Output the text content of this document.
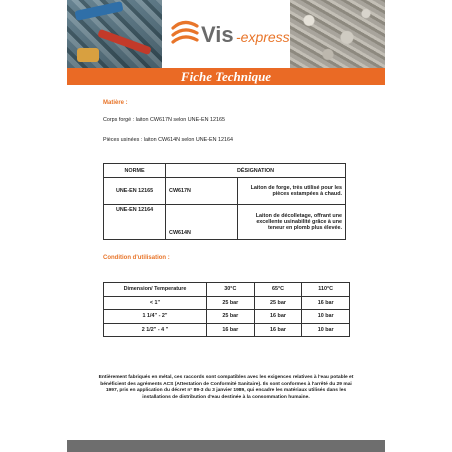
Vis -express
Fiche Technique
Matière :
Corps forgé : laiton CW617N selon UNE-EN 12165
Pièces usinées : laiton CW614N selon UNE-EN 12164
NORME	DÉSIGNATION	
UNE-EN 12165	CW617N	Laiton de forge, très utilisé pour les pièces estampées à chaud.
UNE-EN 12164	CW614N	Laiton de décolletage, offrant une excellente usinabilité grâce à une teneur en plomb plus élevée.
Condition d'utilisation :
Dimension/ Temperature	30°C	65°C	110°C
< 1"	25 bar	25 bar	16 bar
1 1/4" - 2"	25 bar	16 bar	10 bar
2 1/2" - 4 "	16 bar	16 bar	10 bar
Entièrement fabriqués en métal, ces raccords sont compatibles avec les exigences relatives à l'eau potable et bénéficient des agréments ACS (Attestation de Conformité Sanitaire). Ils sont conformes à l'arrêté du 29 mai 1997, pris en application du décret n° 89-3 du 3 janvier 1989, qui encadre les matériaux utilisés dans les installations de distribution d'eau destinée à la consommation humaine.
